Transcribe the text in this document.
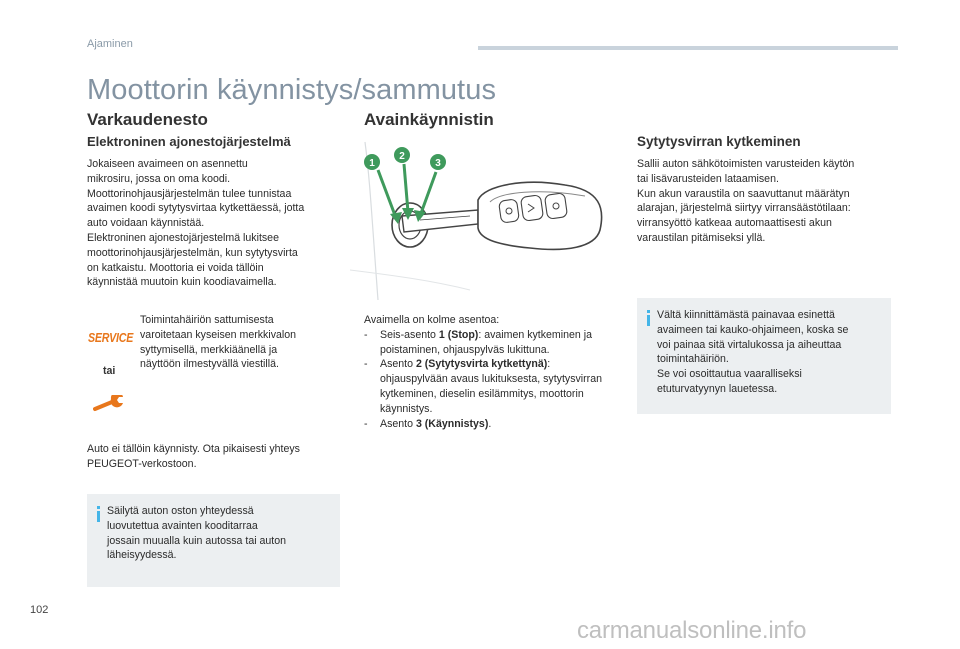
Ajaminen
Moottorin käynnistys/sammutus
Varkaudenesto
Elektroninen ajonestojärjestelmä
Jokaiseen avaimeen on asennettu
mikrosiru, jossa on oma koodi.
Moottorinohjausjärjestelmän tulee tunnistaa
avaimen koodi sytytysvirtaa kytkettäessä, jotta
auto voidaan käynnistää.
Elektroninen ajonestojärjestelmä lukitsee
moottorinohjausjärjestelmän, kun sytytysvirta
on katkaistu. Moottoria ei voida tällöin
käynnistää muutoin kuin koodiavaimella.
SERVICE
tai
Toimintahäiriön sattumisesta
varoitetaan kyseisen merkkivalon
syttymisellä, merkkiäänellä ja
näyttöön ilmestyvällä viestillä.
Auto ei tällöin käynnisty. Ota pikaisesti yhteys
PEUGEOT-verkostoon.
Säilytä auton oston yhteydessä
luovutettua avainten kooditarraa
jossain muualla kuin autossa tai auton
läheisyydessä.
Avainkäynnistin
1
2
3
Avaimella on kolme asentoa:
- Seis-asento 1 (Stop): avaimen kytkeminen ja poistaminen, ohjauspylväs lukittuna.
- Asento 2 (Sytytysvirta kytkettynä): ohjauspylvään avaus lukituksesta, sytytysvirran kytkeminen, dieselin esilämmitys, moottorin käynnistys.
- Asento 3 (Käynnistys).
Sytytysvirran kytkeminen
Sallii auton sähkötoimisten varusteiden käytön
tai lisävarusteiden lataamisen.
Kun akun varaustila on saavuttanut määrätyn
alarajan, järjestelmä siirtyy virransäästötilaan:
virransyöttö katkeaa automaattisesti akun
varaustilan pitämiseksi yllä.
Vältä kiinnittämästä painavaa esinettä
avaimeen tai kauko-ohjaimeen, koska se
voi painaa sitä virtalukossa ja aiheuttaa
toimintahäiriön.
Se voi osoittautua vaaralliseksi
etuturvatyynyn lauetessa.
102
carmanualsonline.info
